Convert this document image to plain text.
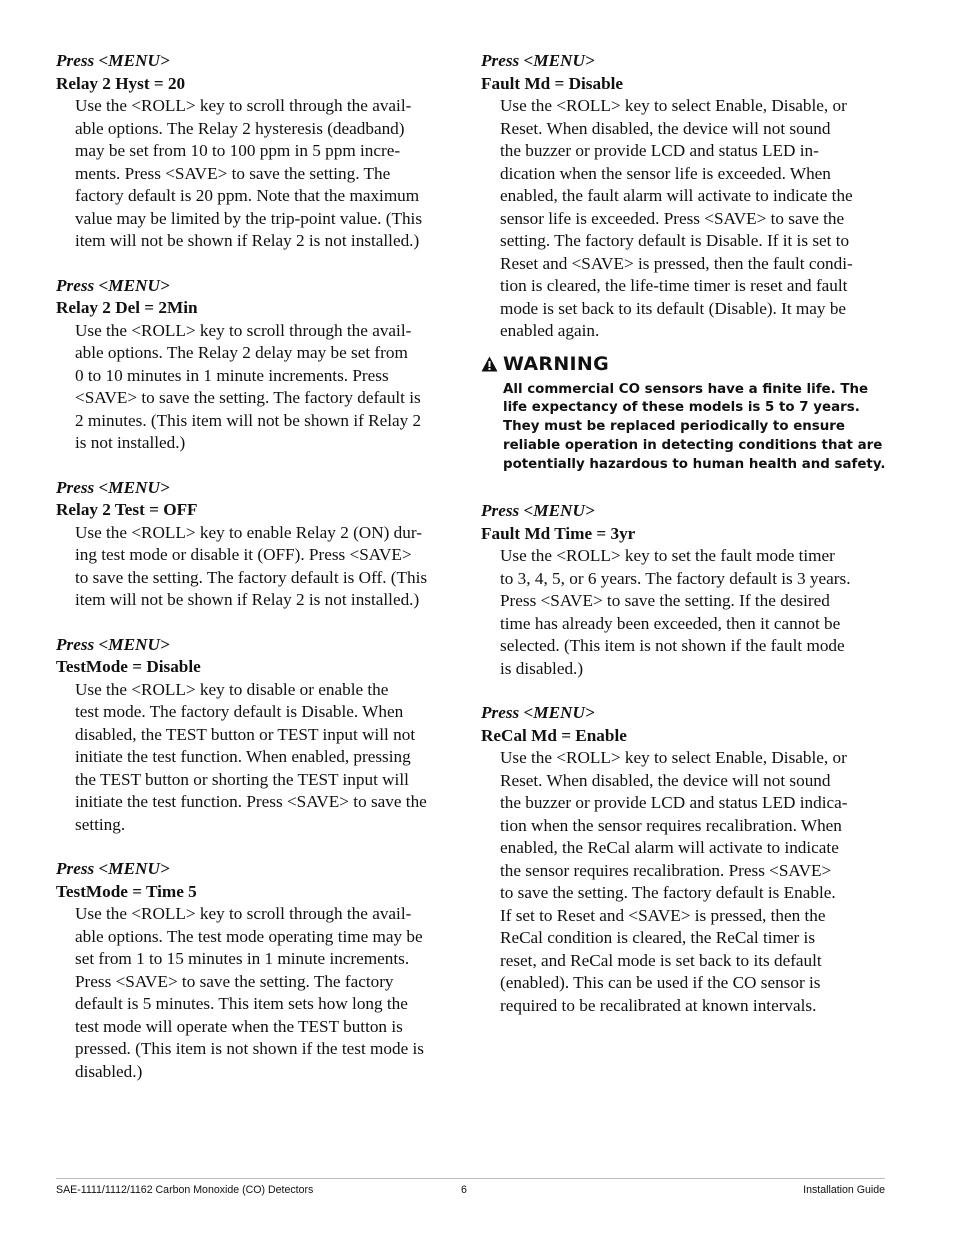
Press <MENU>
Relay 2 Hyst = 20
Use the <ROLL> key to scroll through the avail-
able options. The Relay 2 hysteresis (deadband)
may be set from 10 to 100 ppm in 5 ppm incre-
ments. Press <SAVE> to save the setting. The
factory default is 20 ppm. Note that the maximum
value may be limited by the trip-point value. (This
item will not be shown if Relay 2 is not installed.)
Press <MENU>
Relay 2 Del = 2Min
Use the <ROLL> key to scroll through the avail-
able options. The Relay 2 delay may be set from
0 to 10 minutes in 1 minute increments. Press
<SAVE> to save the setting. The factory default is
2 minutes. (This item will not be shown if Relay 2
is not installed.)
Press <MENU>
Relay 2 Test = OFF
Use the <ROLL> key to enable Relay 2 (ON) dur-
ing test mode or disable it (OFF). Press <SAVE>
to save the setting. The factory default is Off. (This
item will not be shown if Relay 2 is not installed.)
Press <MENU>
TestMode = Disable
Use the <ROLL> key to disable or enable the
test mode. The factory default is Disable. When
disabled, the TEST button or TEST input will not
initiate the test function. When enabled, pressing
the TEST button or shorting the TEST input will
initiate the test function. Press <SAVE> to save the
setting.
Press <MENU>
TestMode = Time 5
Use the <ROLL> key to scroll through the avail-
able options. The test mode operating time may be
set from 1 to 15 minutes in 1 minute increments.
Press <SAVE> to save the setting. The factory
default is 5 minutes. This item sets how long the
test mode will operate when the TEST button is
pressed. (This item is not shown if the test mode is
disabled.)
Press <MENU>
Fault Md = Disable
Use the <ROLL> key to select Enable, Disable, or
Reset. When disabled, the device will not sound
the buzzer or provide LCD and status LED in-
dication when the sensor life is exceeded. When
enabled, the fault alarm will activate to indicate the
sensor life is exceeded. Press <SAVE> to save the
setting. The factory default is Disable. If it is set to
Reset and <SAVE> is pressed, then the fault condi-
tion is cleared, the life-time timer is reset and fault
mode is set back to its default (Disable). It may be
enabled again.
WARNING
All commercial CO sensors have a finite life. The
life expectancy of these models is 5 to 7 years.
They must be replaced periodically to ensure
reliable operation in detecting conditions that are
potentially hazardous to human health and safety.
Press <MENU>
Fault Md Time = 3yr
Use the <ROLL> key to set the fault mode timer
to 3, 4, 5, or 6 years. The factory default is 3 years.
Press <SAVE> to save the setting. If the desired
time has already been exceeded, then it cannot be
selected. (This item is not shown if the fault mode
is disabled.)
Press <MENU>
ReCal Md = Enable
Use the <ROLL> key to select Enable, Disable, or
Reset. When disabled, the device will not sound
the buzzer or provide LCD and status LED indica-
tion when the sensor requires recalibration. When
enabled, the ReCal alarm will activate to indicate
the sensor requires recalibration. Press <SAVE>
to save the setting. The factory default is Enable.
If set to Reset and <SAVE> is pressed, then the
ReCal condition is cleared, the ReCal timer is
reset, and ReCal mode is set back to its default
(enabled). This can be used if the CO sensor is
required to be recalibrated at known intervals.
SAE-1111/1112/1162 Carbon Monoxide (CO) Detectors	6	Installation Guide
